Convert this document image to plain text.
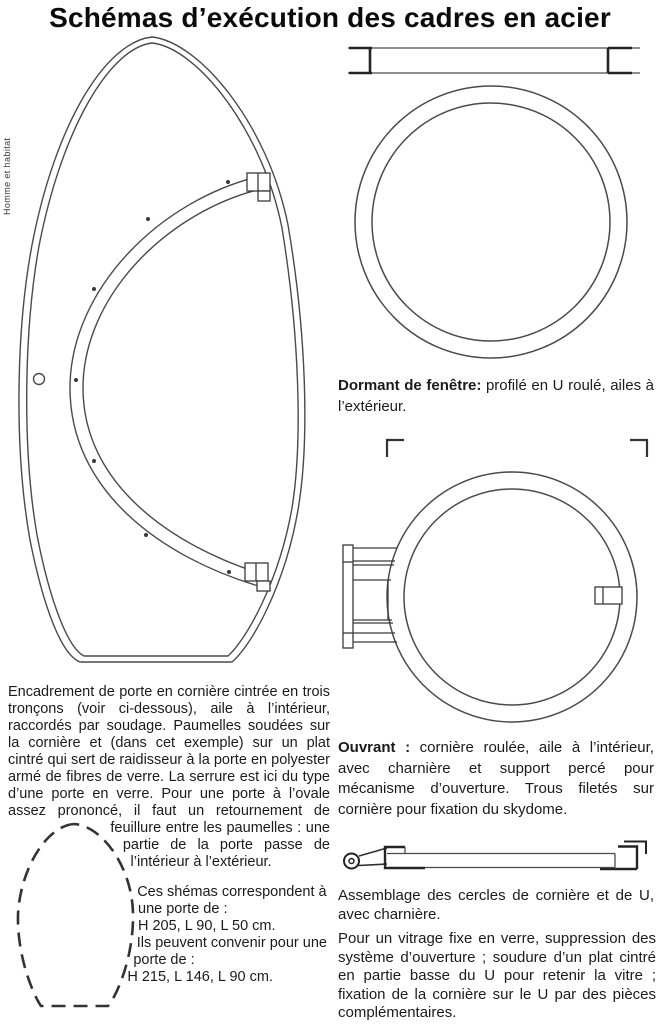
Schémas d’exécution des cadres en acier
Homme et habitat

Encadrement de porte en cornière cintrée en trois tronçons (voir ci-dessous), aile à l’intérieur, raccordés par soudage. Paumelles soudées sur la cornière et (dans cet exemple) sur un plat cintré qui sert de raidisseur à la porte en polyester armé de fibres de verre. La serrure est ici du type d’une porte en verre. Pour une porte à l’ovale assez prononcé, il faut un retournement de feuillure entre les paumelles : une partie de la porte passe de l’intérieur à l’extérieur.

Ces shémas correspondent à une porte de :
H 205, L 90, L 50 cm.
Ils peuvent convenir pour une porte de :
H 215, L 146, L 90 cm.

Dormant de fenêtre: profilé en U roulé, ailes à l’extérieur.
Ouvrant : cornière roulée, aile à l’intérieur, avec charnière et support percé pour mécanisme d’ouverture. Trous filetés sur cornière pour fixation du skydome.
Assemblage des cercles de cornière et de U, avec charnière.
Pour un vitrage fixe en verre, suppression des système d’ouverture ; soudure d’un plat cintré en partie basse du U pour retenir la vitre ; fixation de la cornière sur le U par des pièces complémentaires.
